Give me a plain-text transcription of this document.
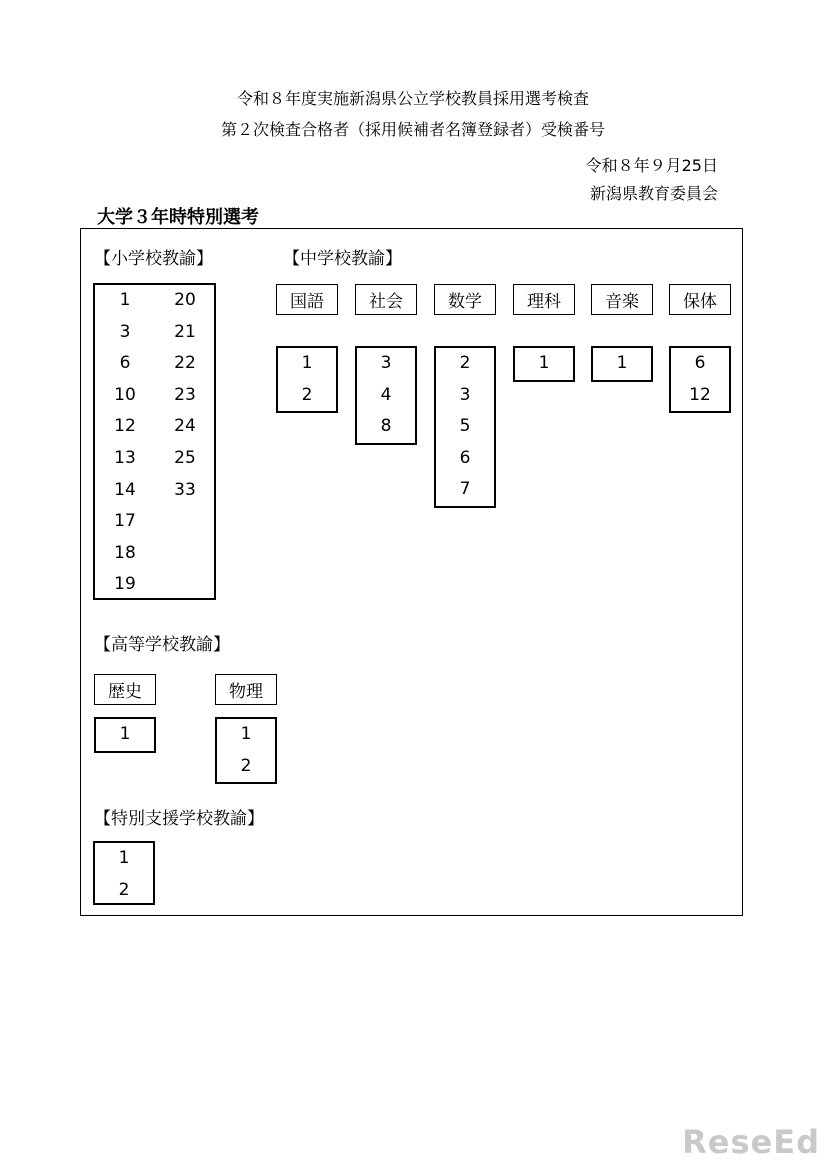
令和８年度実施新潟県公立学校教員採用選考検査
第２次検査合格者（採用候補者名簿登録者）受検番号
令和８年９月25日
新潟県教育委員会
大学３年時特別選考
【小学校教諭】
1
3
6
10
12
13
14
17
18
19
20
21
22
23
24
25
33
【中学校教諭】
国語
1
2
社会
3
4
8
数学
2
3
5
6
7
理科
1
音楽
1
保体
6
12
【高等学校教諭】
歴史
1
物理
1
2
【特別支援学校教諭】
1
2
ReseEd
